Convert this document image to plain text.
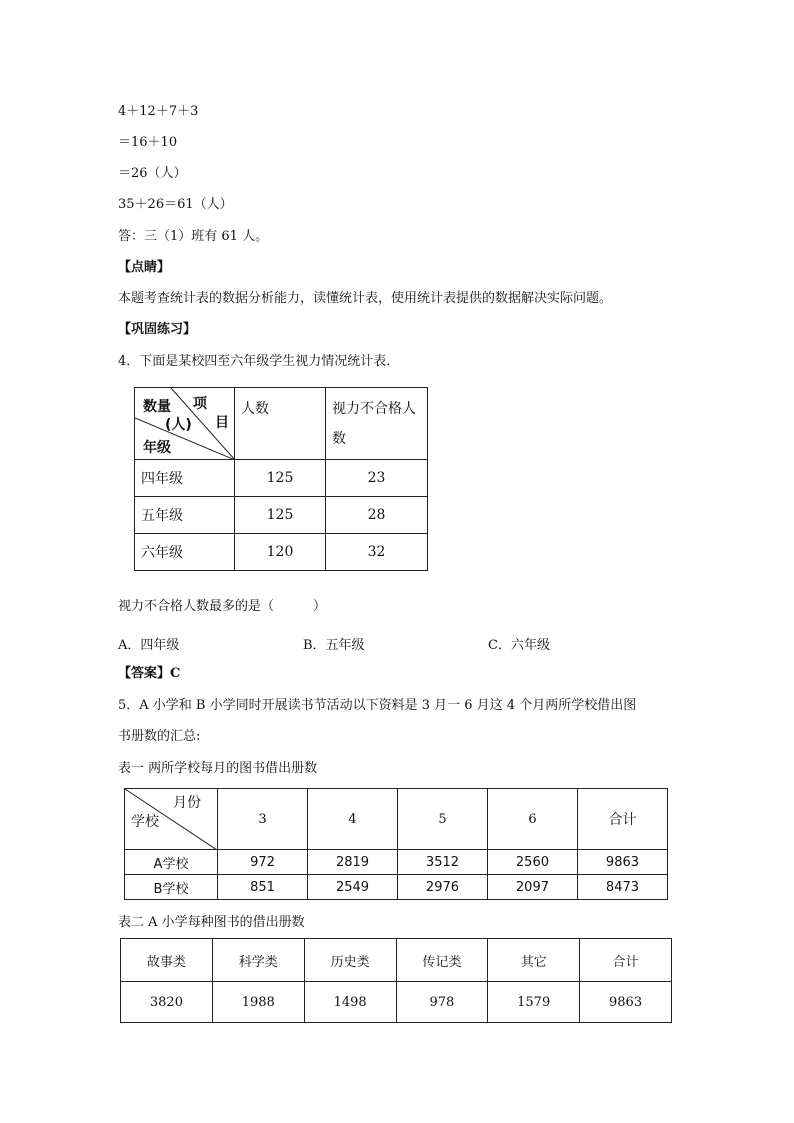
4＋12＋7＋3
＝16＋10
＝26（人）
35＋26＝61（人）
答：三（1）班有 61 人。
【点睛】
本题考查统计表的数据分析能力，读懂统计表，使用统计表提供的数据解决实际问题。
【巩固练习】
4．下面是某校四至六年级学生视力情况统计表．
项
目
数量
(人)
年级	人数	视力不合格人数
四年级	125	23
五年级	125	28
六年级	120	32
视力不合格人数最多的是（　　　）
A．四年级	B．五年级	C．六年级
【答案】C
5．A 小学和 B 小学同时开展读书节活动以下资料是 3 月一 6 月这 4 个月两所学校借出图
书册数的汇总:
表一 两所学校每月的图书借出册数
月份
学校	3	4	5	6	合计
A学校	972	2819	3512	2560	9863
B学校	851	2549	2976	2097	8473
表二 A 小学每种图书的借出册数
故事类	科学类	历史类	传记类	其它	合计
3820	1988	1498	978	1579	9863
